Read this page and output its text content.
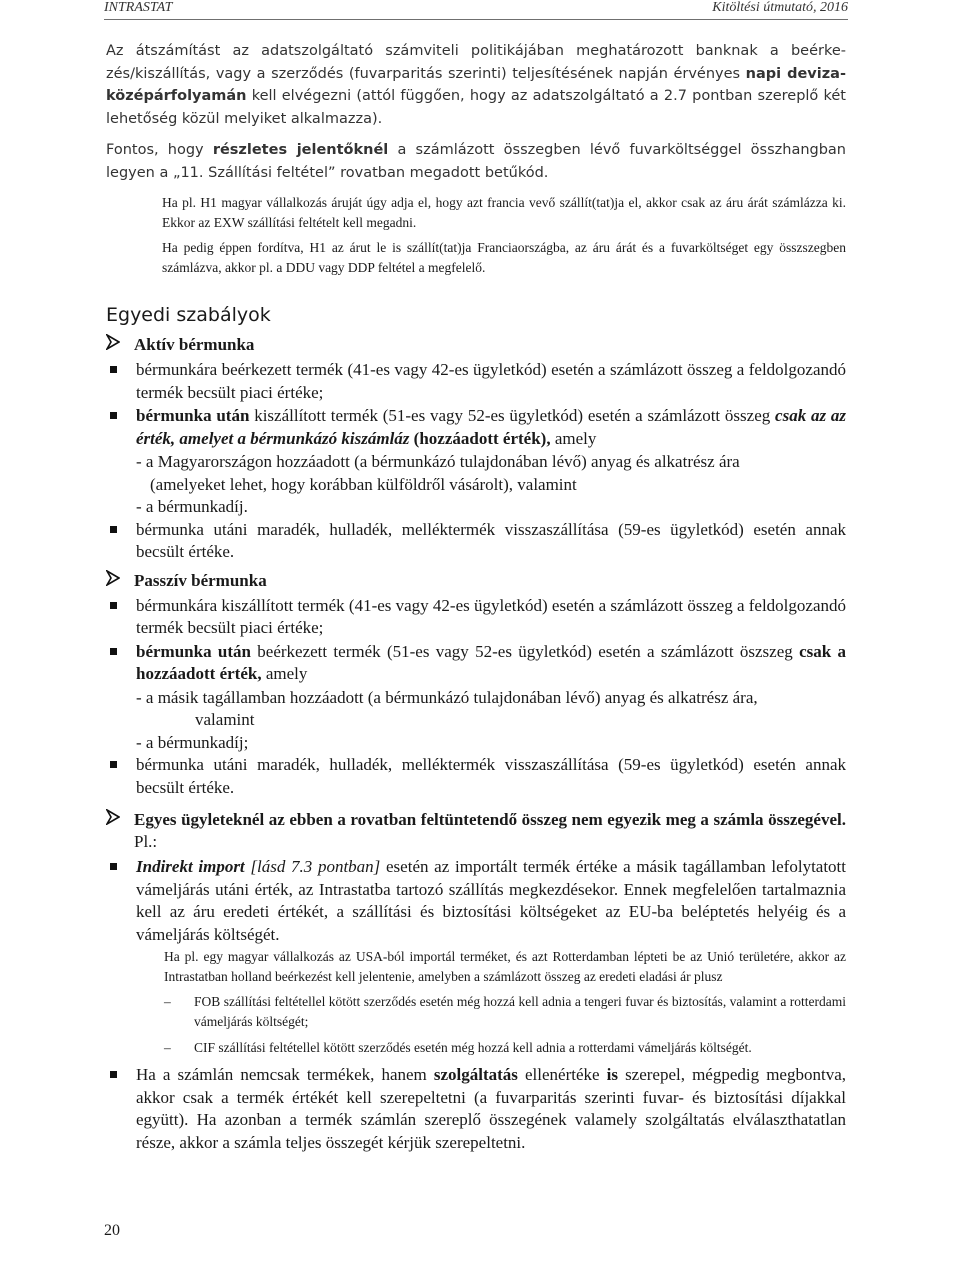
INTRASTAT	Kitöltési útmutató, 2016

Az átszámítást az adatszolgáltató számviteli politikájában meghatározott banknak a beérkezés/kiszállítás, vagy a szerződés (fuvarparitás szerinti) teljesítésének napján érvényes napi devizaközépárfolyamán kell elvégezni (attól függően, hogy az adatszolgáltató a 2.7 pontban szereplő két lehetőség közül melyiket alkalmazza).

Fontos, hogy részletes jelentőknél a számlázott összegben lévő fuvarköltséggel összhangban legyen a „11. Szállítási feltétel” rovatban megadott betűkód.

Ha pl. H1 magyar vállalkozás áruját úgy adja el, hogy azt francia vevő szállít(tat)ja el, akkor csak az áru árát számlázza ki. Ekkor az EXW szállítási feltételt kell megadni.

Ha pedig éppen fordítva, H1 az árut le is szállít(tat)ja Franciaországba, az áru árát és a fuvarköltséget egy összszegben számlázva, akkor pl. a DDU vagy DDP feltétel a megfelelő.

Egyedi szabályok

Aktív bérmunka

bérmunkára beérkezett termék (41-es vagy 42-es ügyletkód) esetén a számlázott összeg a feldolgozandó termék becsült piaci értéke;
bérmunka után kiszállított termék (51-es vagy 52-es ügyletkód) esetén a számlázott összeg csak az az érték, amelyet a bérmunkázó kiszámláz (hozzáadott érték), amely
- a Magyarországon hozzáadott (a bérmunkázó tulajdonában lévő) anyag és alkatrész ára
(amelyeket lehet, hogy korábban külföldről vásárolt), valamint
- a bérmunkadíj.
bérmunka utáni maradék, hulladék, melléktermék visszaszállítása (59-es ügyletkód) esetén annak becsült értéke.

Passzív bérmunka

bérmunkára kiszállított termék (41-es vagy 42-es ügyletkód) esetén a számlázott összeg a feldolgozandó termék becsült piaci értéke;
bérmunka után beérkezett termék (51-es vagy 52-es ügyletkód) esetén a számlázott öszszeg csak a hozzáadott érték, amely
- a másik tagállamban hozzáadott (a bérmunkázó tulajdonában lévő) anyag és alkatrész ára,
valamint
- a bérmunkadíj;
bérmunka utáni maradék, hulladék, melléktermék visszaszállítása (59-es ügyletkód) esetén annak becsült értéke.

Egyes ügyleteknél az ebben a rovatban feltüntetendő összeg nem egyezik meg a számla összegével. Pl.:

Indirekt import [lásd 7.3 pontban] esetén az importált termék értéke a másik tagállamban lefolytatott vámeljárás utáni érték, az Intrastatba tartozó szállítás megkezdésekor. Ennek megfelelően tartalmaznia kell az áru eredeti értékét, a szállítási és biztosítási költségeket az EU-ba beléptetés helyéig és a vámeljárás költségét.

Ha pl. egy magyar vállalkozás az USA-ból importál terméket, és azt Rotterdamban lépteti be az Unió területére, akkor az Intrastatban holland beérkezést kell jelentenie, amelyben a számlázott összeg az eredeti eladási ár plusz

– FOB szállítási feltétellel kötött szerződés esetén még hozzá kell adnia a tengeri fuvar és biztosítás, valamint a rotterdami vámeljárás költségét;
– CIF szállítási feltétellel kötött szerződés esetén még hozzá kell adnia a rotterdami vámeljárás költségét.
Ha a számlán nemcsak termékek, hanem szolgáltatás ellenértéke is szerepel, mégpedig megbontva, akkor csak a termék értékét kell szerepeltetni (a fuvarparitás szerinti fuvar- és biztosítási díjakkal együtt). Ha azonban a termék számlán szereplő összegének valamely szolgáltatás elválaszthatatlan része, akkor a számla teljes összegét kérjük szerepeltetni.
20
